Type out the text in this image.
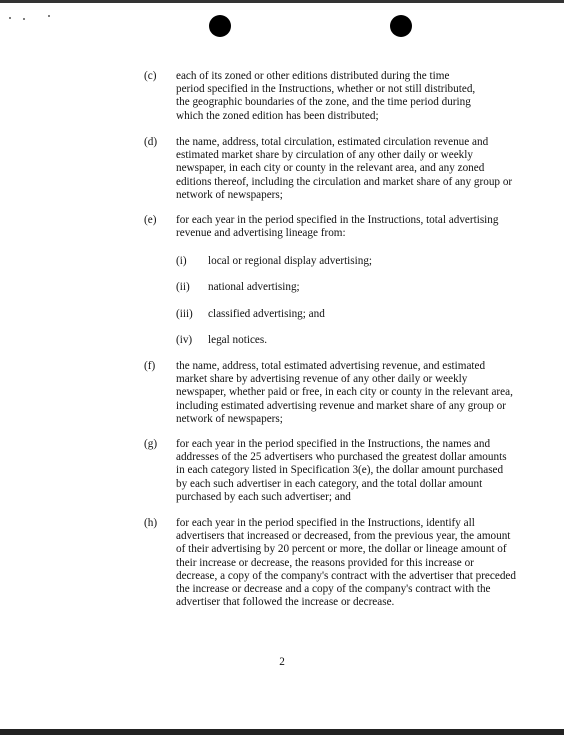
(c) each of its zoned or other editions distributed during the time period specified in the Instructions, whether or not still distributed, the geographic boundaries of the zone, and the time period during which the zoned edition has been distributed;
(d) the name, address, total circulation, estimated circulation revenue and estimated market share by circulation of any other daily or weekly newspaper, in each city or county in the relevant area, and any zoned editions thereof, including the circulation and market share of any group or network of newspapers;
(e) for each year in the period specified in the Instructions, total advertising revenue and advertising lineage from:
(i) local or regional display advertising;
(ii) national advertising;
(iii) classified advertising; and
(iv) legal notices.
(f) the name, address, total estimated advertising revenue, and estimated market share by advertising revenue of any other daily or weekly newspaper, whether paid or free, in each city or county in the relevant area, including estimated advertising revenue and market share of any group or network of newspapers;
(g) for each year in the period specified in the Instructions, the names and addresses of the 25 advertisers who purchased the greatest dollar amounts in each category listed in Specification 3(e), the dollar amount purchased by each such advertiser in each category, and the total dollar amount purchased by each such advertiser; and
(h) for each year in the period specified in the Instructions, identify all advertisers that increased or decreased, from the previous year, the amount of their advertising by 20 percent or more, the dollar or lineage amount of their increase or decrease, the reasons provided for this increase or decrease, a copy of the company's contract with the advertiser that preceded the increase or decrease and a copy of the company's contract with the advertiser that followed the increase or decrease.
2
